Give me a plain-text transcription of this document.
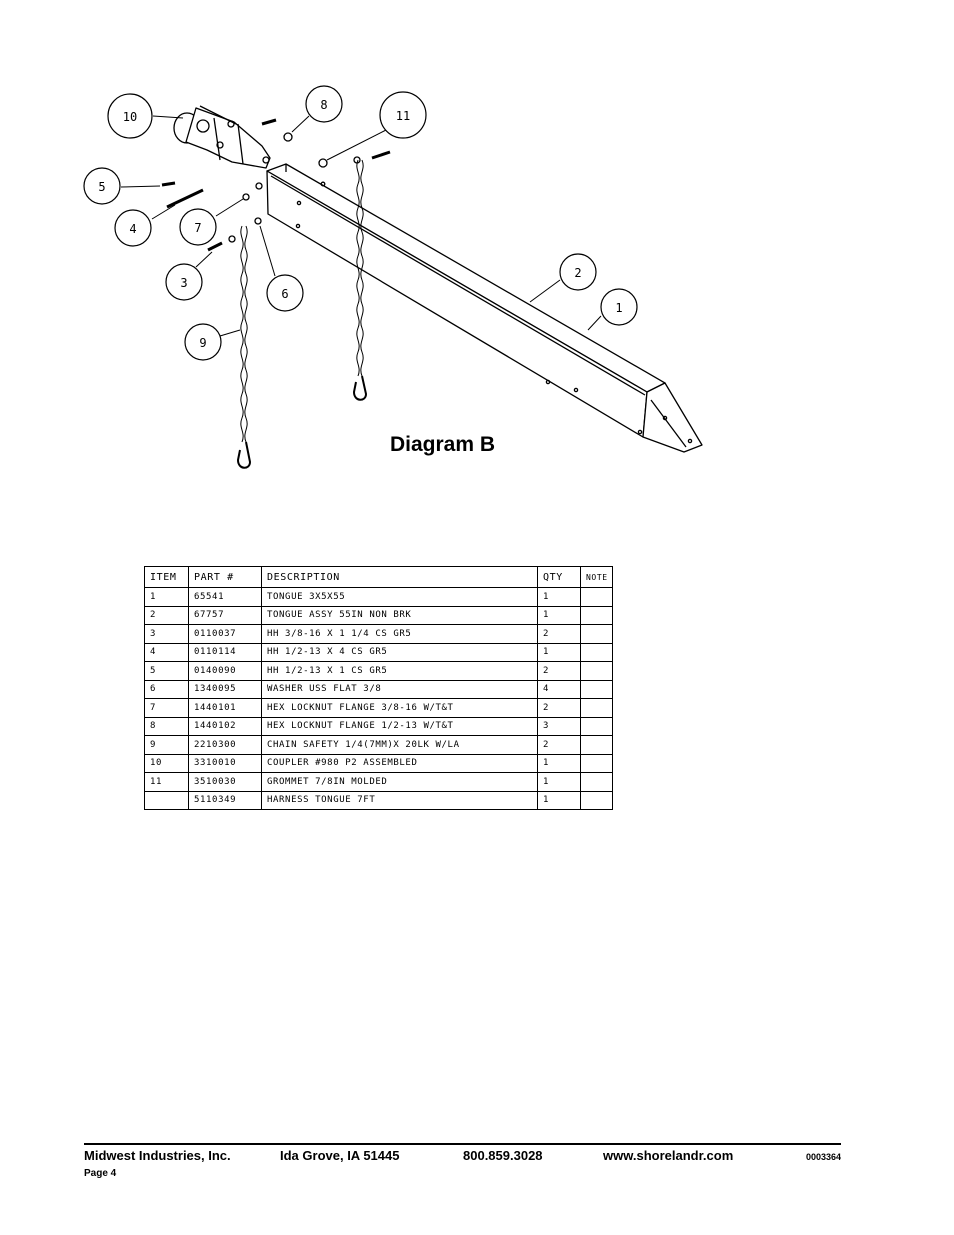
10
8
11
5
4	7
3
6
9
2
1
Diagram B
ITEM	PART #	DESCRIPTION	QTY	NOTE
1	65541	TONGUE 3X5X55	1	
2	67757	TONGUE ASSY 55IN NON BRK	1	
3	0110037	HH 3/8-16 X 1 1/4 CS GR5	2	
4	0110114	HH 1/2-13 X 4 CS GR5	1	
5	0140090	HH 1/2-13 X 1 CS GR5	2	
6	1340095	WASHER USS FLAT 3/8	4	
7	1440101	HEX LOCKNUT FLANGE 3/8-16 W/T&T	2	
8	1440102	HEX LOCKNUT FLANGE 1/2-13 W/T&T	3	
9	2210300	CHAIN SAFETY 1/4(7MM)X 20LK W/LA	2	
10	3310010	COUPLER #980 P2 ASSEMBLED	1	
11	3510030	GROMMET 7/8IN MOLDED	1	
	5110349	HARNESS TONGUE 7FT	1	
Midwest Industries, Inc.	Ida Grove, IA 51445	800.859.3028	www.shorelandr.com	0003364
Page 4
